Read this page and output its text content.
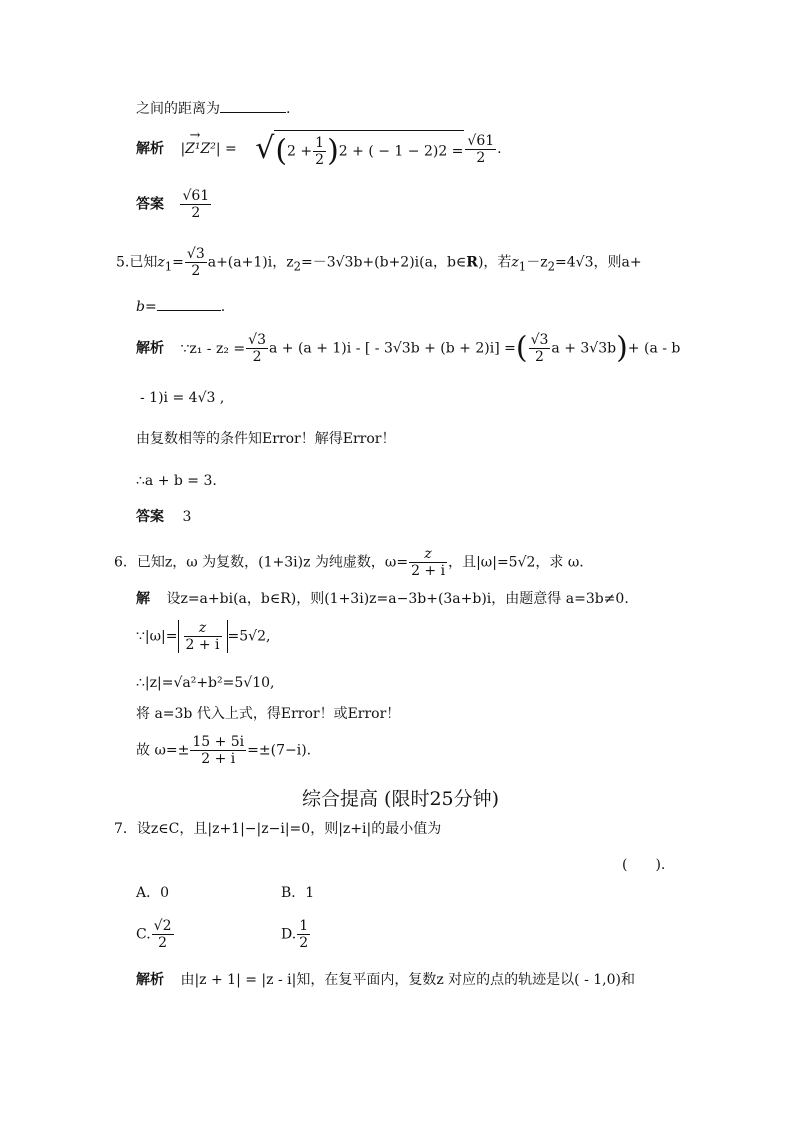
之间的距离为	.
解析
→
$|Z^1Z^2| = √(2 + \frac{1}{2} )2$ + ( − $1 - 2)2 = \frac{√61}{2}$ .
答案 $\frac{√61}{2}$
5.已知$z_1= \frac{√3}{2} a+(a+1)i$，$z_2=-3√3b+(b+2)i(a$，b∈R)，若$z_1-z_2=4√3$，则a+
b=	.
解析 ∵z₁ - $z_2 = \frac{√3}{2}$ a + (a + 1)i - [ - 3√3b + (b + 2)i] =( $\frac{√3}{2}$ a + 3√3b)+ (a - b
- 1)i = 4√3 ,
由复数相等的条件知Error！解得Error！
∴a + b = 3.
答案 3
6．已知z，ω 为复数，(1+3i)z 为纯虚数，$\omega= \frac{z}{2 + i}$ ，且|ω|=5√2，求 ω.
解 设z=a+bi(a，b∈R)，则(1+3i)z=a−3b+(3a+b)i，由题意得 a=3b≠0.
∵|ω|= $\frac{z}{2 + i} =5√2$,
∴|z|=√a²+b²=5√10,
将 a=3b 代入上式，得Error！或Error！
故 $\omega=\pm \frac{15 + 5i}{2 + i} =\pm(7-i)$.
综合提高 (限时25分钟)
7．设z∈C，且|z+1|−|z−i|=0，则|z+i|的最小值为
(　　).
A．0	B．1
C. $\frac{√2}{2}$	D. $\frac{1}{2}$
解析 由|z + 1| = |z - i|知，在复平面内，复数z 对应的点的轨迹是以( - 1,0)和
